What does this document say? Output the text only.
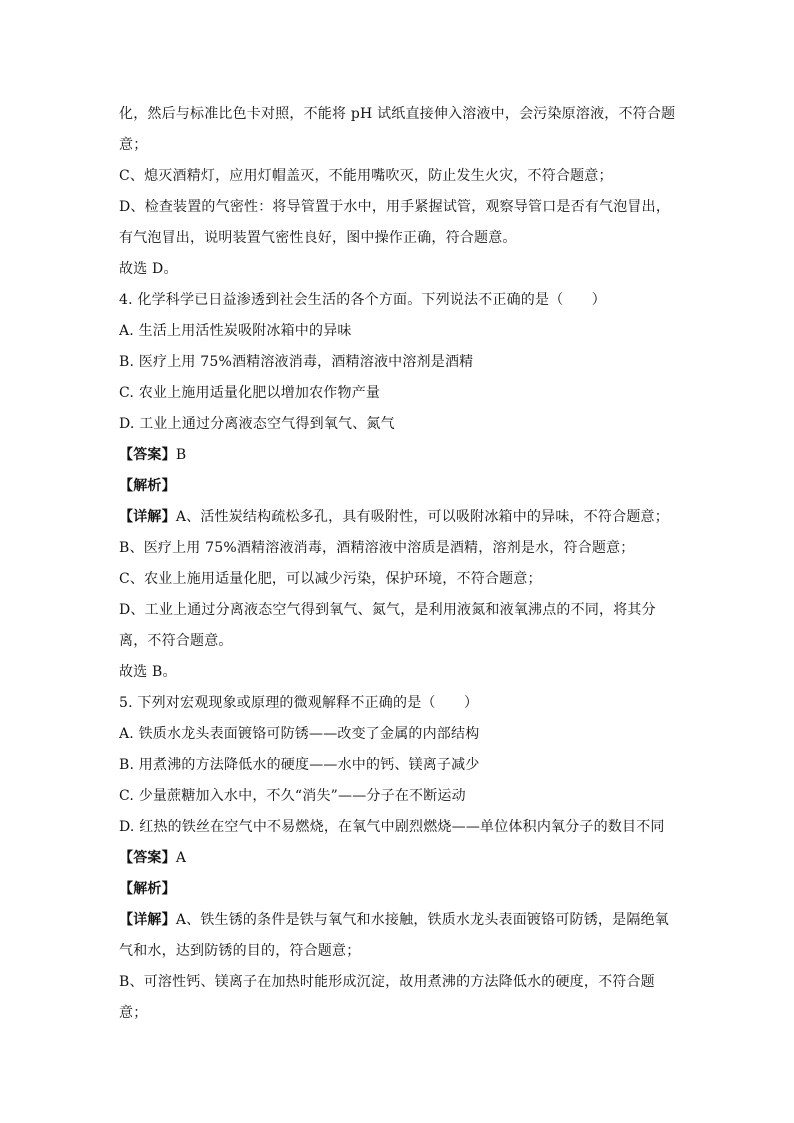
化，然后与标准比色卡对照，不能将 pH 试纸直接伸入溶液中，会污染原溶液，不符合题
意；
C、熄灭酒精灯，应用灯帽盖灭，不能用嘴吹灭，防止发生火灾，不符合题意；
D、检查装置的气密性：将导管置于水中，用手紧握试管，观察导管口是否有气泡冒出，
有气泡冒出，说明装置气密性良好，图中操作正确，符合题意。
故选 D。
4. 化学科学已日益渗透到社会生活的各个方面。下列说法不正确的是（　　）
A. 生活上用活性炭吸附冰箱中的异味
B. 医疗上用 75%酒精溶液消毒，酒精溶液中溶剂是酒精
C. 农业上施用适量化肥以增加农作物产量
D. 工业上通过分离液态空气得到氧气、氮气
【答案】B
【解析】
【详解】A、活性炭结构疏松多孔，具有吸附性，可以吸附冰箱中的异味，不符合题意；
B、医疗上用 75%酒精溶液消毒，酒精溶液中溶质是酒精，溶剂是水，符合题意；
C、农业上施用适量化肥，可以减少污染，保护环境，不符合题意；
D、工业上通过分离液态空气得到氧气、氮气，是利用液氮和液氧沸点的不同，将其分
离，不符合题意。
故选 B。
5. 下列对宏观现象或原理的微观解释不正确的是（　　）
A. 铁质水龙头表面镀铬可防锈——改变了金属的内部结构
B. 用煮沸的方法降低水的硬度——水中的钙、镁离子减少
C. 少量蔗糖加入水中，不久“消失”——分子在不断运动
D. 红热的铁丝在空气中不易燃烧，在氧气中剧烈燃烧——单位体积内氧分子的数目不同
【答案】A
【解析】
【详解】A、铁生锈的条件是铁与氧气和水接触，铁质水龙头表面镀铬可防锈，是隔绝氧
气和水，达到防锈的目的，符合题意；
B、可溶性钙、镁离子在加热时能形成沉淀，故用煮沸的方法降低水的硬度，不符合题
意；
